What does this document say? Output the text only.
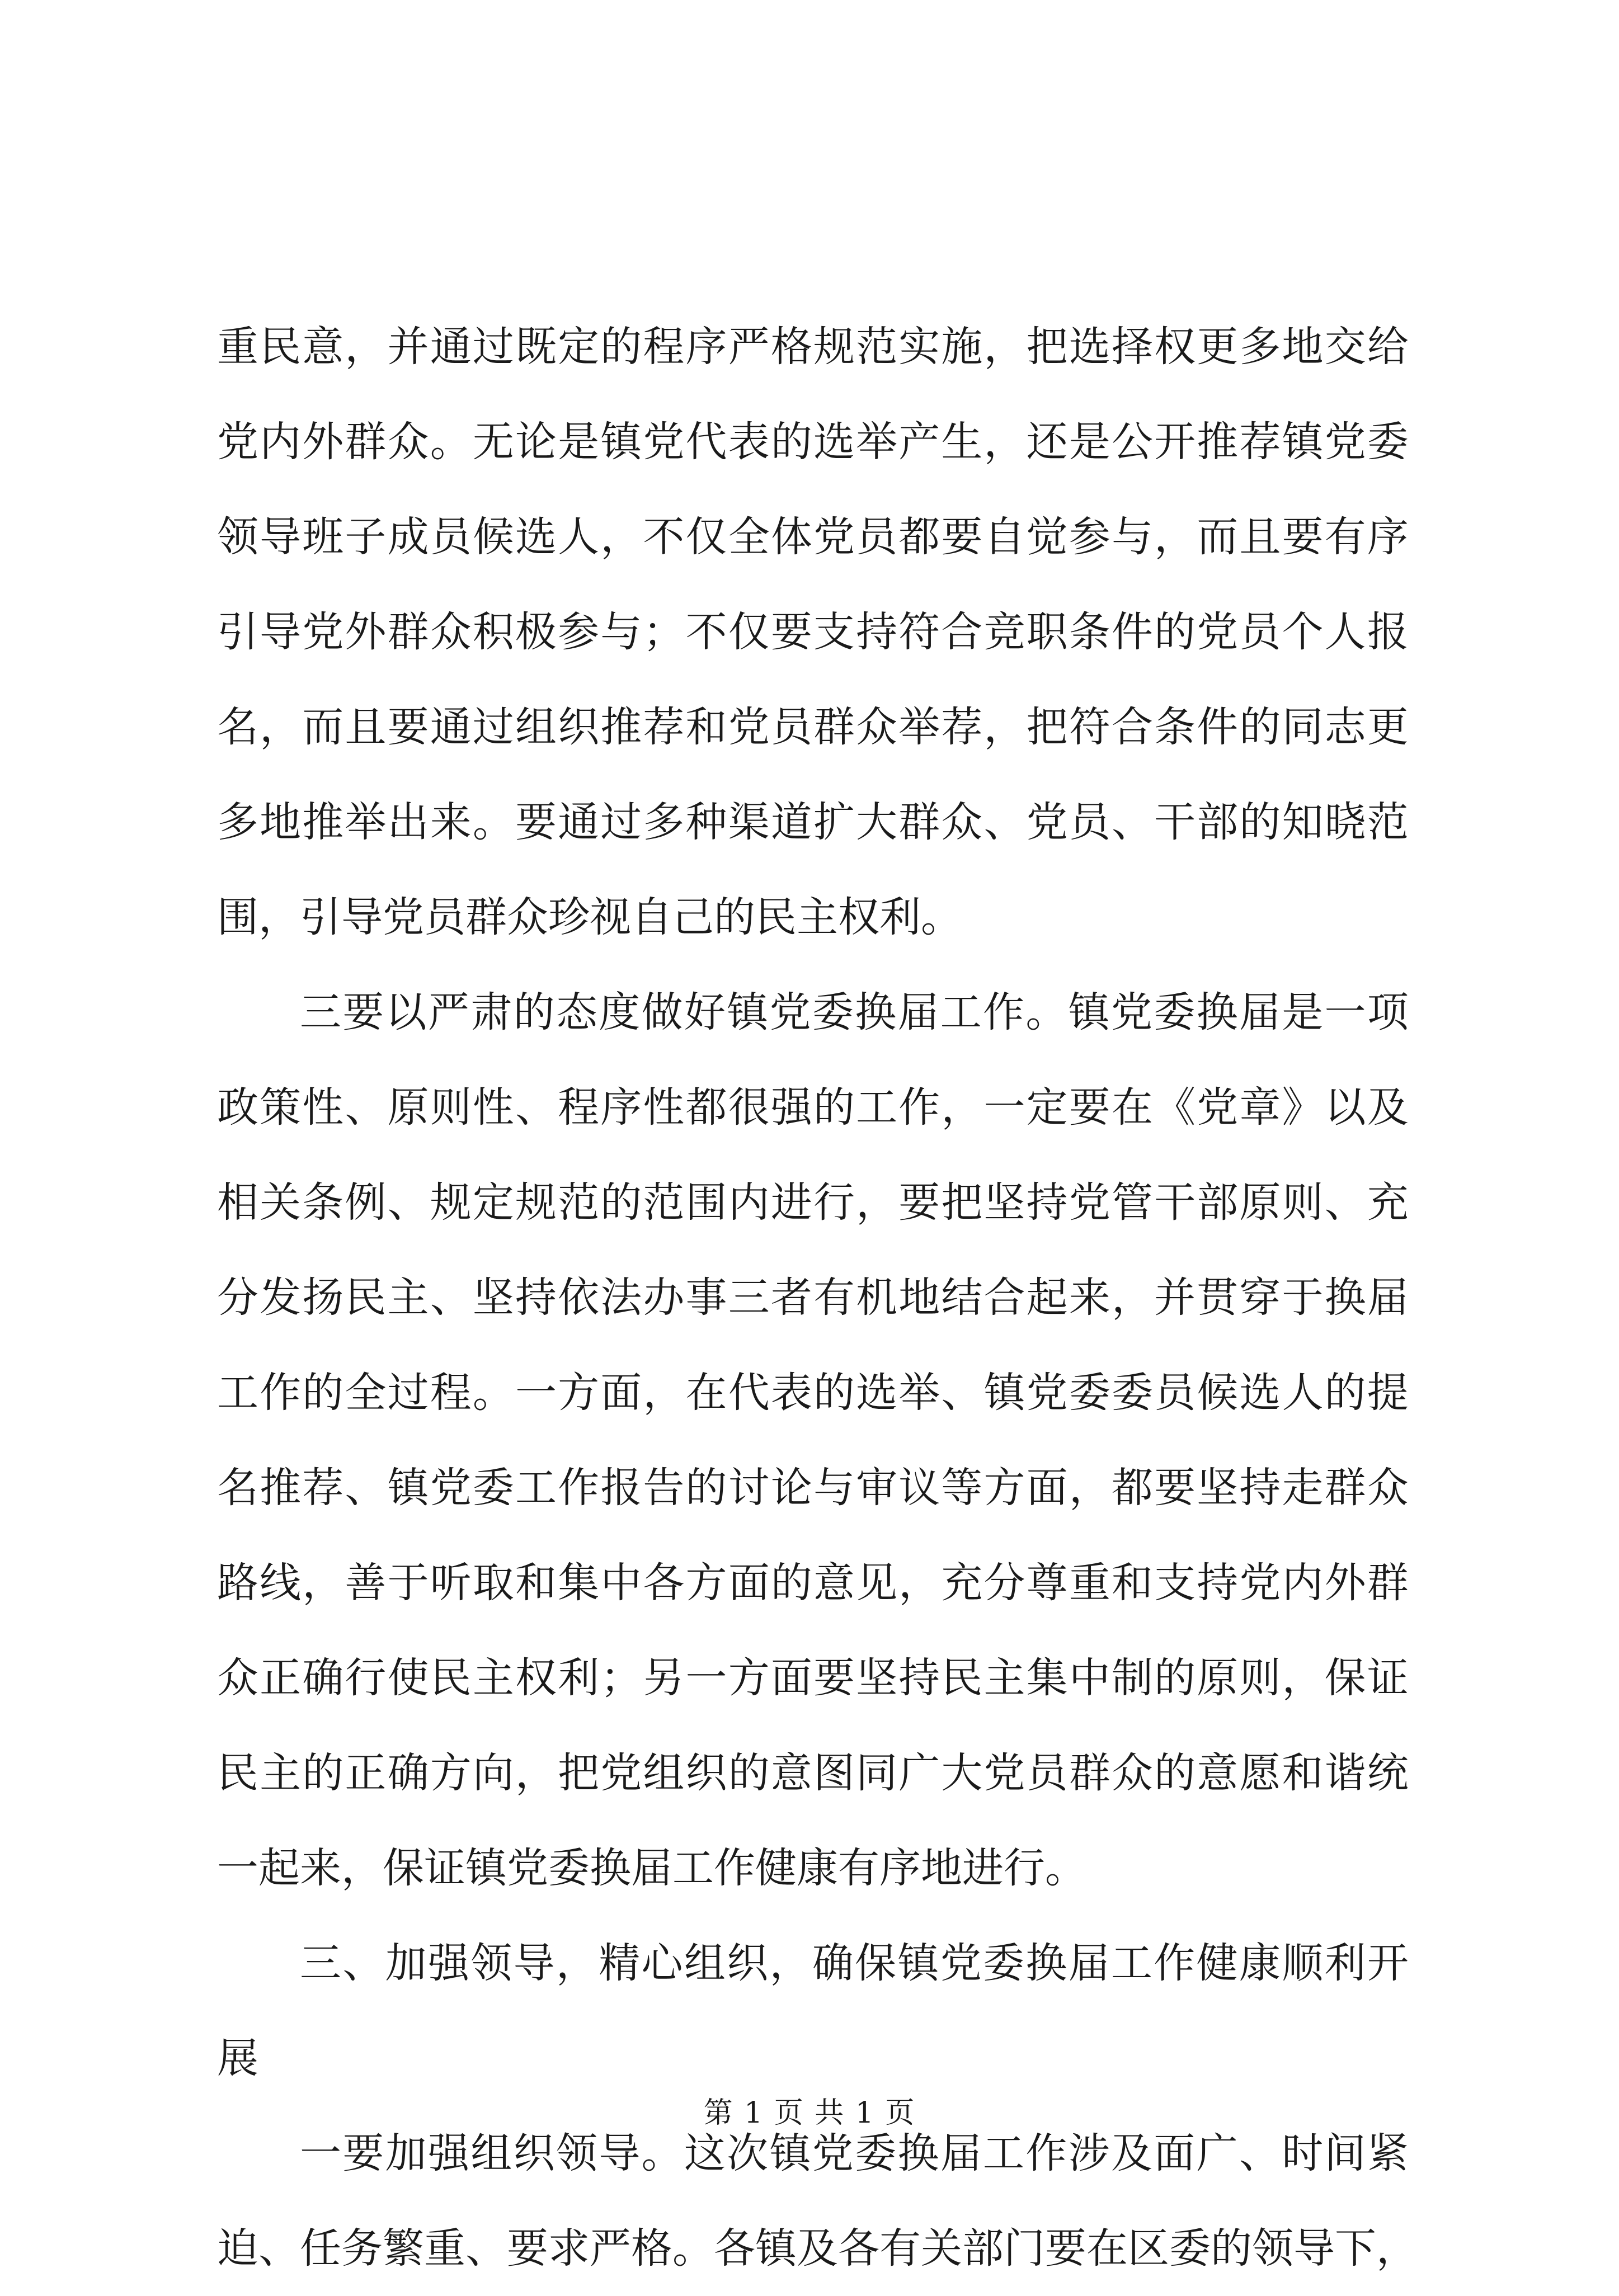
重 民 意 ， 并 通 过 既 定 的 程 序 严 格 规 范 实 施 ， 把 选 择 权 更 多 地 交 给
党 内 外 群 众 。 无 论 是 镇 党 代 表 的 选 举 产 生 ， 还 是 公 开 推 荐 镇 党 委
领 导 班 子 成 员 候 选 人 ， 不 仅 全 体 党 员 都 要 自 觉 参 与 ， 而 且 要 有 序
引 导 党 外 群 众 积 极 参 与 ； 不 仅 要 支 持 符 合 竞 职 条 件 的 党 员 个 人 报
名 ， 而 且 要 通 过 组 织 推 荐 和 党 员 群 众 举 荐 ， 把 符 合 条 件 的 同 志 更
多 地 推 举 出 来 。 要 通 过 多 种 渠 道 扩 大 群 众 、 党 员 、 干 部 的 知 晓 范
围，引导党员群众珍视自己的民主权利。
三 要 以 严 肃 的 态 度 做 好 镇 党 委 换 届 工 作 。 镇 党 委 换 届 是 一 项
政 策 性 、 原 则 性 、 程 序 性 都 很 强 的 工 作 ， 一 定 要 在 《 党 章 》 以 及
相 关 条 例 、 规 定 规 范 的 范 围 内 进 行 ， 要 把 坚 持 党 管 干 部 原 则 、 充
分 发 扬 民 主 、 坚 持 依 法 办 事 三 者 有 机 地 结 合 起 来 ， 并 贯 穿 于 换 届
工 作 的 全 过 程 。 一 方 面 ， 在 代 表 的 选 举 、 镇 党 委 委 员 候 选 人 的 提
名 推 荐 、 镇 党 委 工 作 报 告 的 讨 论 与 审 议 等 方 面 ， 都 要 坚 持 走 群 众
路 线 ， 善 于 听 取 和 集 中 各 方 面 的 意 见 ， 充 分 尊 重 和 支 持 党 内 外 群
众 正 确 行 使 民 主 权 利 ； 另 一 方 面 要 坚 持 民 主 集 中 制 的 原 则 ， 保 证
民 主 的 正 确 方 向 ， 把 党 组 织 的 意 图 同 广 大 党 员 群 众 的 意 愿 和 谐 统
一起来，保证镇党委换届工作健康有序地进行。
三 、 加 强 领 导 ， 精 心 组 织 ， 确 保 镇 党 委 换 届 工 作 健 康 顺 利 开
展
一 要 加 强 组 织 领 导 。 这 次 镇 党 委 换 届 工 作 涉 及 面 广 、 时 间 紧
迫 、 任 务 繁 重 、 要 求 严 格 。 各 镇 及 各 有 关 部 门 要 在 区 委 的 领 导 下 ，
第 1 页 共 1 页
